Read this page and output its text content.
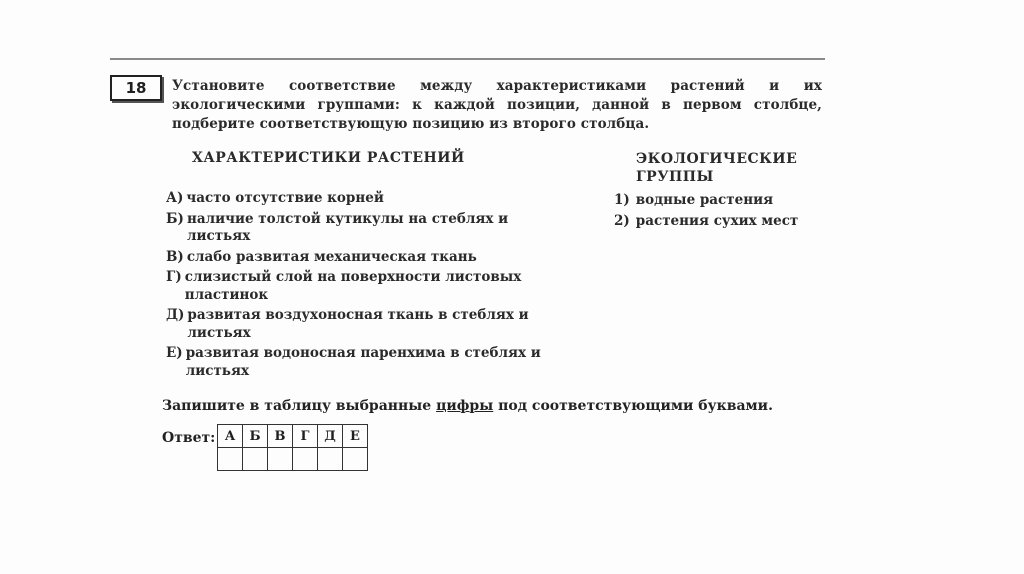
18 Установите соответствие между характеристиками растений и их экологическими группами: к каждой позиции, данной в первом столбце, подберите соответствующую позицию из второго столбца.
ХАРАКТЕРИСТИКИ РАСТЕНИЙ	ЭКОЛОГИЧЕСКИЕ ГРУППЫ
А) часто отсутствие корней
Б) наличие толстой кутикулы на стеблях и листьях
В) слабо развитая механическая ткань
Г) слизистый слой на поверхности листовых пластинок
Д) развитая воздухоносная ткань в стеблях и листьях
Е) развитая водоносная паренхима в стеблях и листьях
1) водные растения
2) растения сухих мест
Запишите в таблицу выбранные цифры под соответствующими буквами.
Ответ: А	Б	В	Г	Д	Е
